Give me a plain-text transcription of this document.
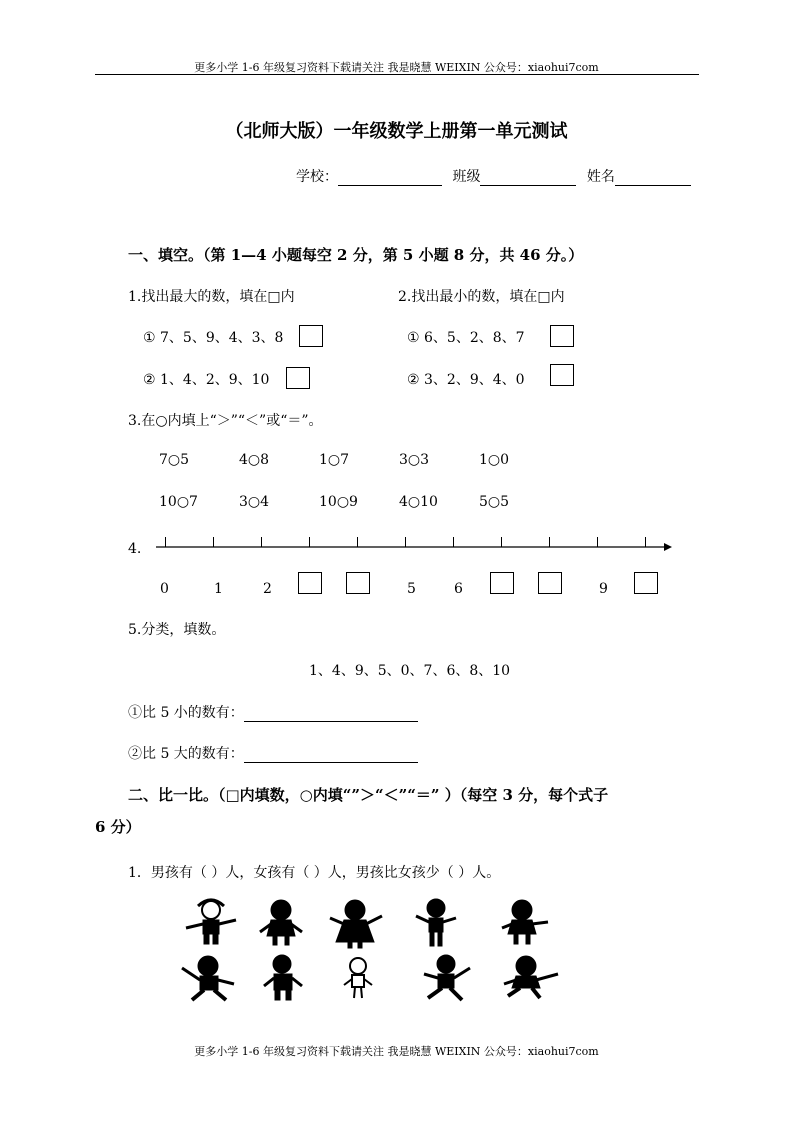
更多小学 1-6 年级复习资料下载请关注 我是晓慧 WEIXIN 公众号：xiaohui7com
（北师大版）一年级数学上册第一单元测试
学校：	班级	姓名
一、填空。（第 1—4 小题每空 2 分，第 5 小题 8 分，共 46 分。）
1.找出最大的数，填在□内	2.找出最小的数，填在□内
① 7、5、9、4、3、8	① 6、5、2、8、7
② 1、4、2、9、10	② 3、2、9、4、0
3.在○内填上“＞”“＜”或“＝”。
7○5	4○8	1○7	3○3	1○0
10○7	3○4	10○9	4○10	5○5
4.
0	1	2	5	6	9
5.分类，填数。
1、4、9、5、0、7、6、8、10
①比 5 小的数有：
②比 5 大的数有：
二、比一比。（□内填数，○内填“”＞“＜”“＝” ）（每空 3 分，每个式子
6 分）
1．男孩有（ ）人，女孩有（ ）人，男孩比女孩少（ ）人。
更多小学 1-6 年级复习资料下载请关注 我是晓慧 WEIXIN 公众号：xiaohui7com
